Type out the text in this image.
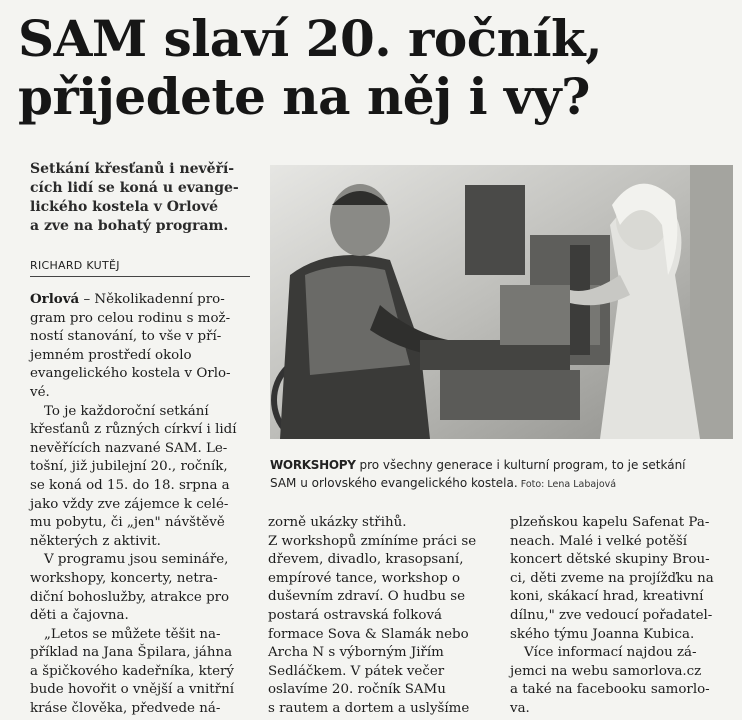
SAM slaví 20. ročník,
přijedete na něj i vy?
Setkání křesťanů i nevěří-
cích lidí se koná u evange-
lického kostela v Orlové
a zve na bohatý program.
RICHARD KUTĚJ
Orlová – Několikadenní pro-
gram pro celou rodinu s mož-
ností stanování, to vše v pří-
jemném prostředí okolo
evangelického kostela v Orlo-
vé.
To je každoroční setkání
křesťanů z různých církví i lidí
nevěřících nazvané SAM. Le-
tošní, již jubilejní 20., ročník,
se koná od 15. do 18. srpna a
jako vždy zve zájemce k celé-
mu pobytu, či „jen" návštěvě
některých z aktivit.
V programu jsou semináře,
workshopy, koncerty, netra-
diční bohoslužby, atrakce pro
děti a čajovna.
„Letos se můžete těšit na-
příklad na Jana Špilara, jáhna
a špičkového kadeřníka, který
bude hovořit o vnější a vnitřní
kráse člověka, předvede ná-
WORKSHOPY pro všechny generace i kulturní program, to je setkání
SAM u orlovského evangelického kostela. Foto: Lena Labajová
zorně ukázky střihů.
Z workshopů zmíníme práci se
dřevem, divadlo, krasopsaní,
empírové tance, workshop o
duševním zdraví. O hudbu se
postará ostravská folková
formace Sova & Slamák nebo
Archa N s výborným Jiřím
Sedláčkem. V pátek večer
oslavíme 20. ročník SAMu
s rautem a dortem a uslyšíme
plzeňskou kapelu Safenat Pa-
neach. Malé i velké potěší
koncert dětské skupiny Brou-
ci, děti zveme na projížďku na
koni, skákací hrad, kreativní
dílnu," zve vedoucí pořadatel-
ského týmu Joanna Kubica.
Více informací najdou zá-
jemci na webu samorlova.cz
a také na facebooku samorlo-
va.
